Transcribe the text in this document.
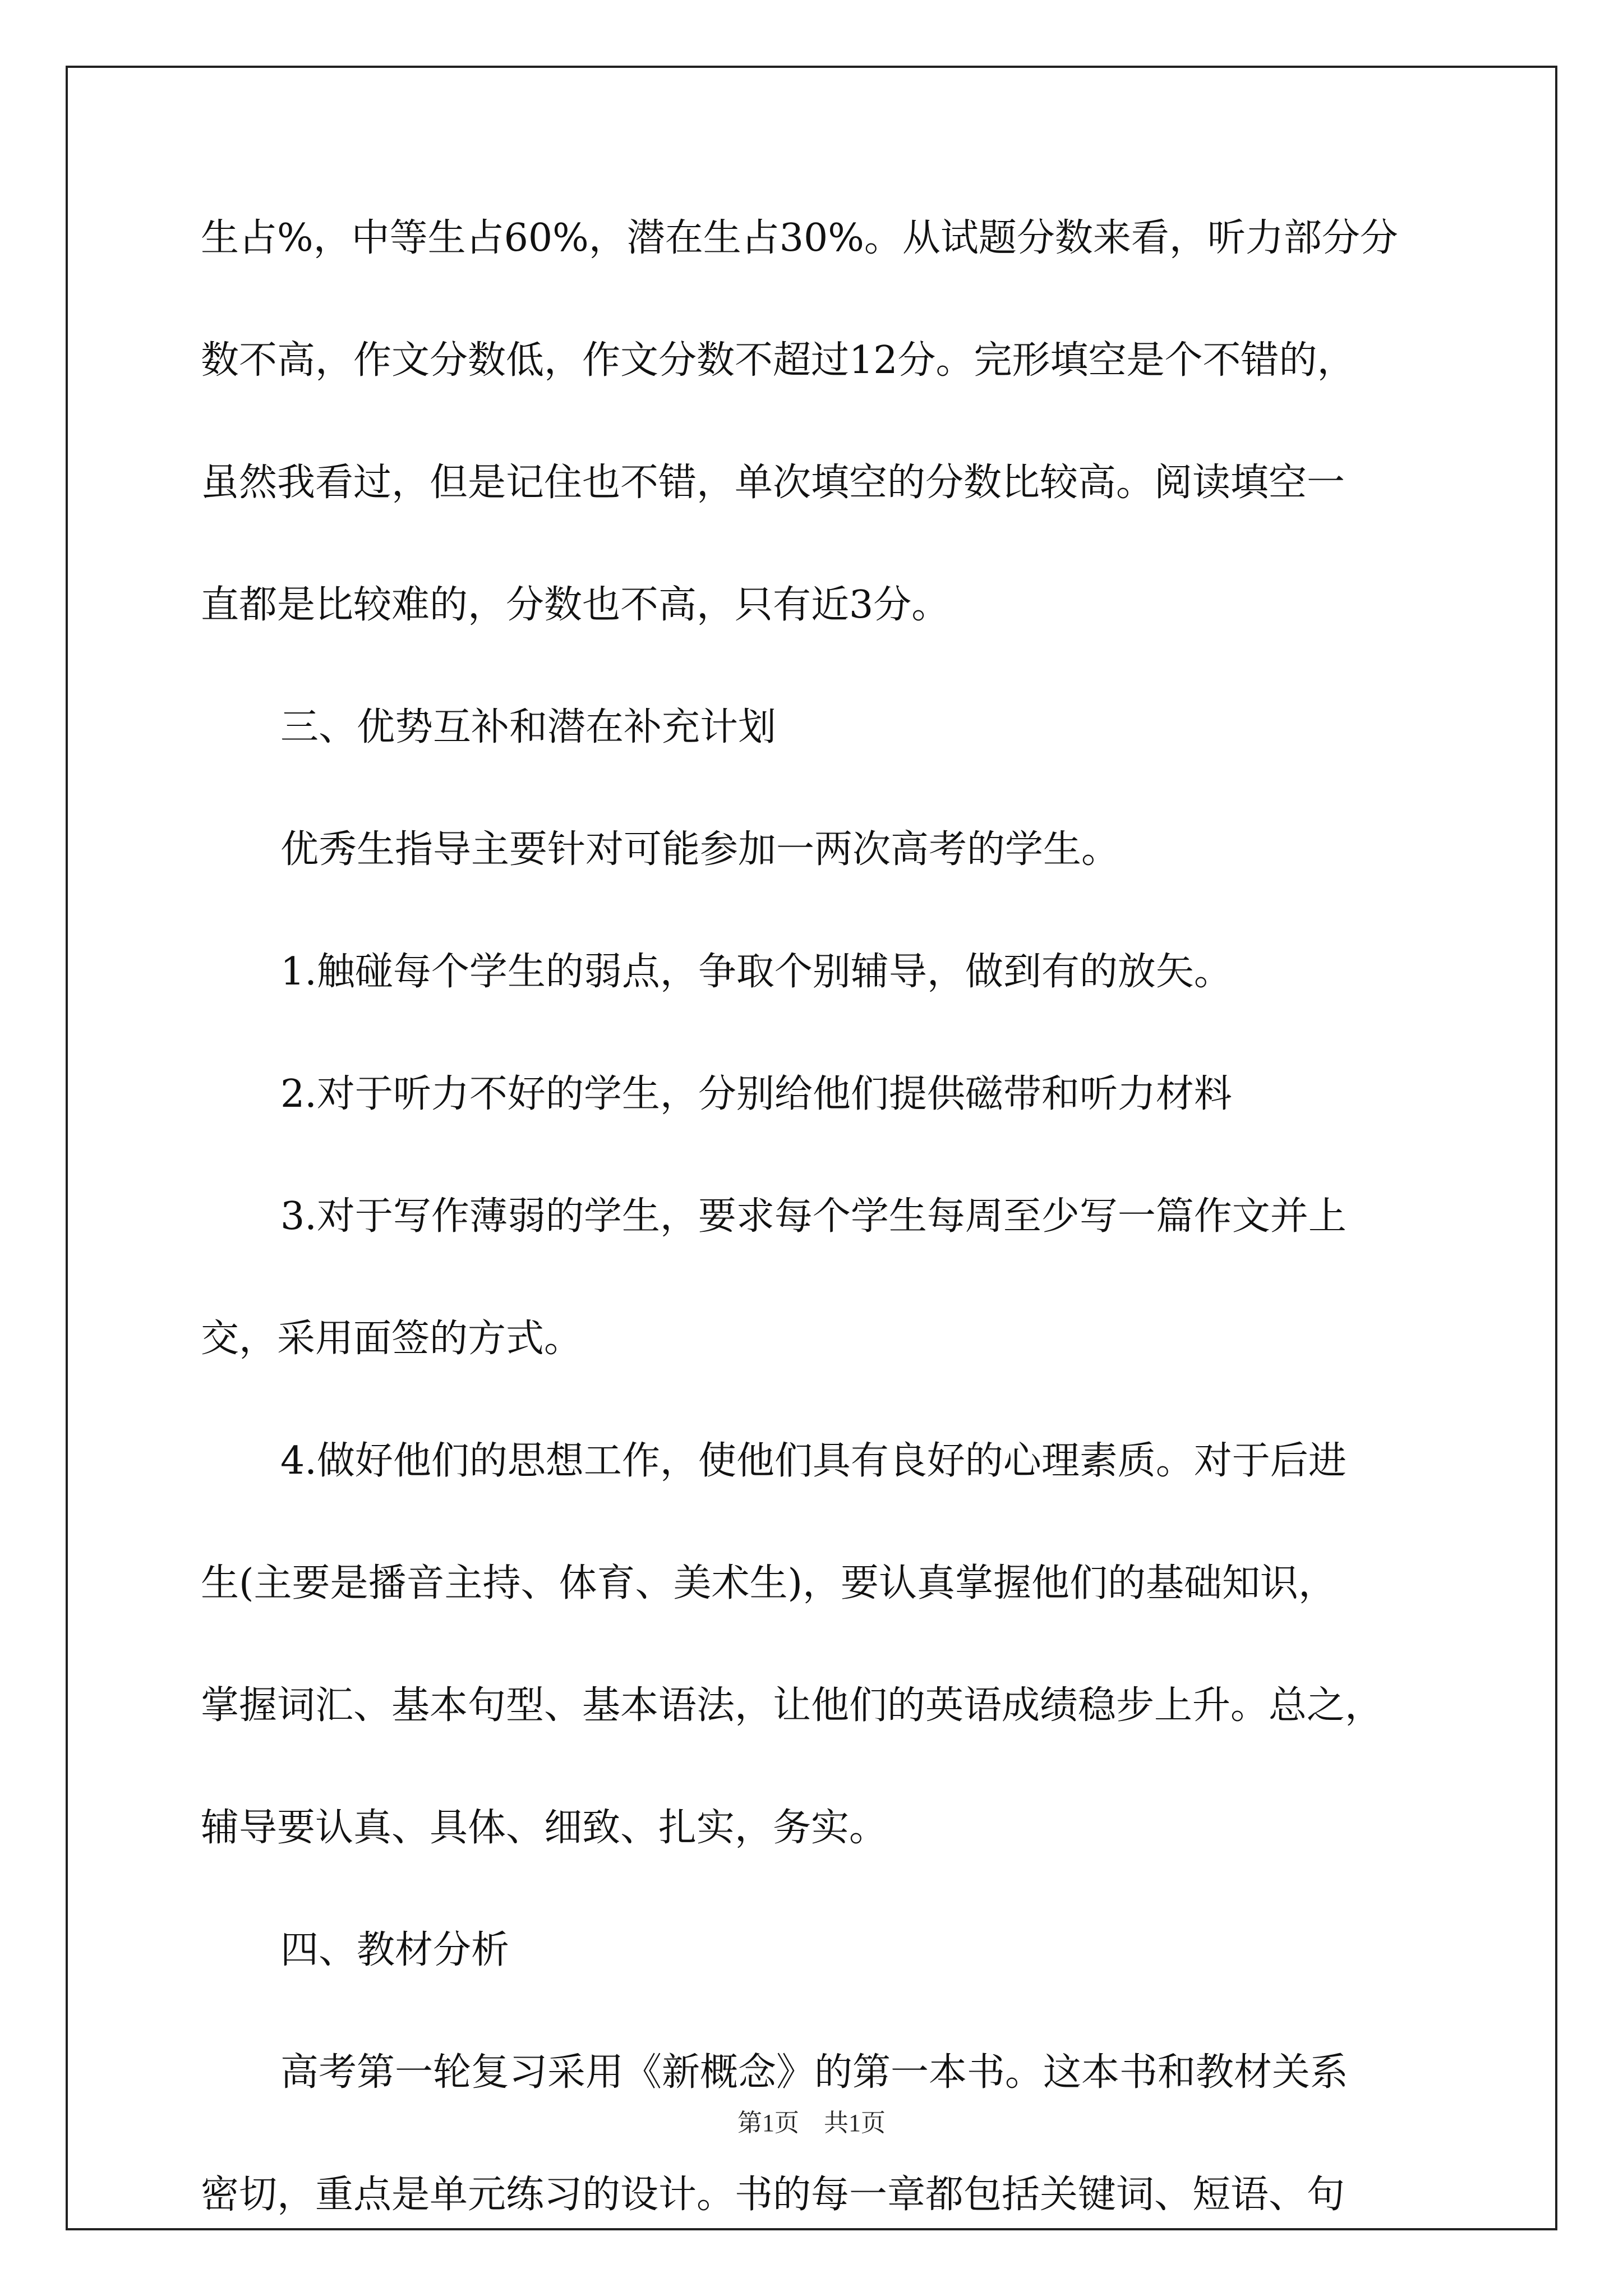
生占%，中等生占60%，潜在生占30%。从试题分数来看，听力部分分
数不高，作文分数低，作文分数不超过12分。完形填空是个不错的，
虽然我看过，但是记住也不错，单次填空的分数比较高。阅读填空一
直都是比较难的，分数也不高，只有近3分。
三、优势互补和潜在补充计划
优秀生指导主要针对可能参加一两次高考的学生。
1.触碰每个学生的弱点，争取个别辅导，做到有的放矢。
2.对于听力不好的学生，分别给他们提供磁带和听力材料
3.对于写作薄弱的学生，要求每个学生每周至少写一篇作文并上
交，采用面签的方式。
4.做好他们的思想工作，使他们具有良好的心理素质。对于后进
生(主要是播音主持、体育、美术生)，要认真掌握他们的基础知识，
掌握词汇、基本句型、基本语法，让他们的英语成绩稳步上升。总之，
辅导要认真、具体、细致、扎实，务实。
四、教材分析
高考第一轮复习采用《新概念》的第一本书。这本书和教材关系
密切，重点是单元练习的设计。书的每一章都包括关键词、短语、句
第1页　共1页
